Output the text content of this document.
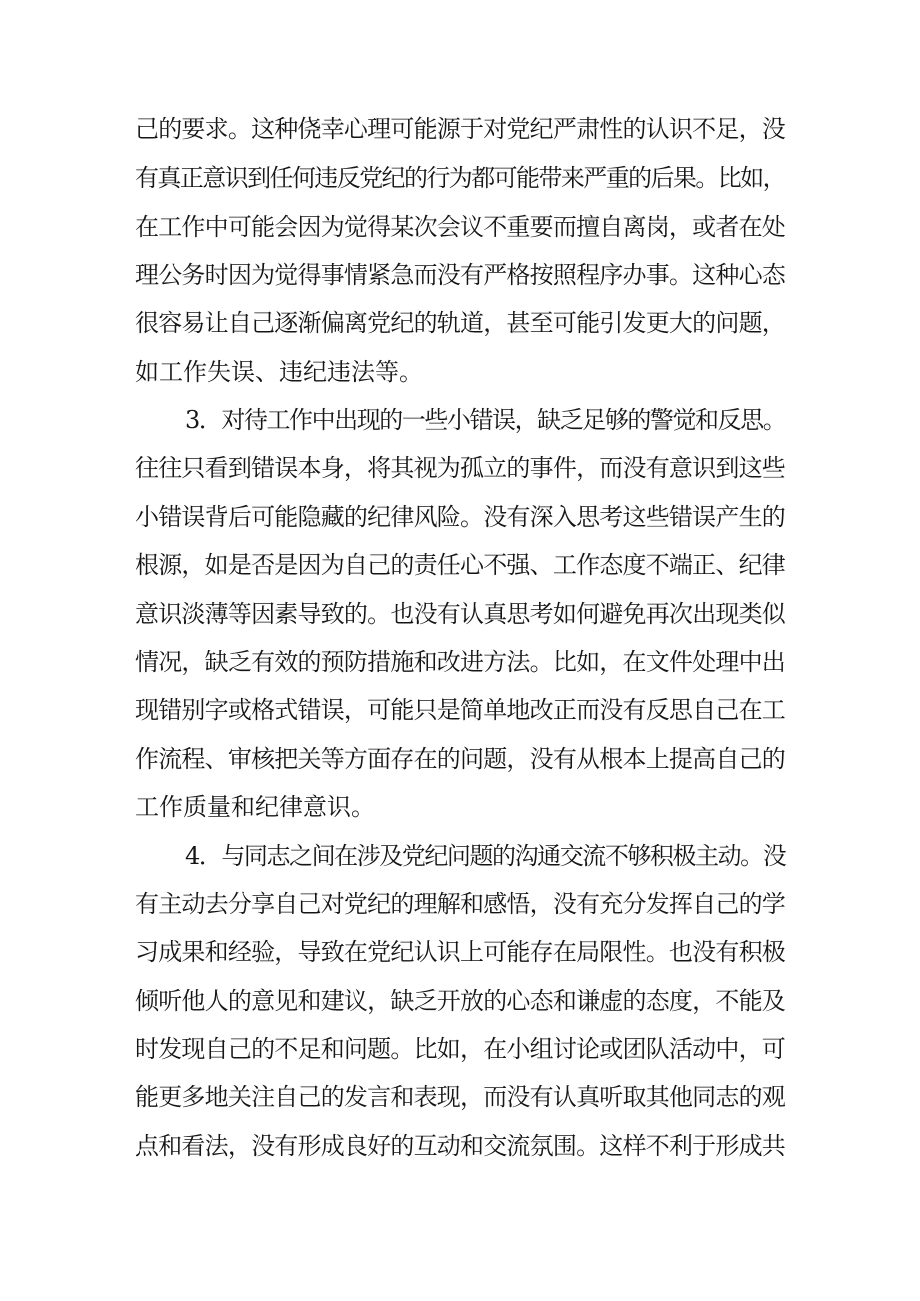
己的要求。这种侥幸心理可能源于对党纪严肃性的认识不足，没

有真正意识到任何违反党纪的行为都可能带来严重的后果。比如，

在工作中可能会因为觉得某次会议不重要而擅自离岗，或者在处

理公务时因为觉得事情紧急而没有严格按照程序办事。这种心态

很容易让自己逐渐偏离党纪的轨道，甚至可能引发更大的问题，

如工作失误、违纪违法等。

3．对待工作中出现的一些小错误，缺乏足够的警觉和反思。

往往只看到错误本身，将其视为孤立的事件，而没有意识到这些

小错误背后可能隐藏的纪律风险。没有深入思考这些错误产生的

根源，如是否是因为自己的责任心不强、工作态度不端正、纪律

意识淡薄等因素导致的。也没有认真思考如何避免再次出现类似

情况，缺乏有效的预防措施和改进方法。比如，在文件处理中出

现错别字或格式错误，可能只是简单地改正而没有反思自己在工

作流程、审核把关等方面存在的问题，没有从根本上提高自己的

工作质量和纪律意识。

4．与同志之间在涉及党纪问题的沟通交流不够积极主动。没

有主动去分享自己对党纪的理解和感悟，没有充分发挥自己的学

习成果和经验，导致在党纪认识上可能存在局限性。也没有积极

倾听他人的意见和建议，缺乏开放的心态和谦虚的态度，不能及

时发现自己的不足和问题。比如，在小组讨论或团队活动中，可

能更多地关注自己的发言和表现，而没有认真听取其他同志的观

点和看法，没有形成良好的互动和交流氛围。这样不利于形成共
